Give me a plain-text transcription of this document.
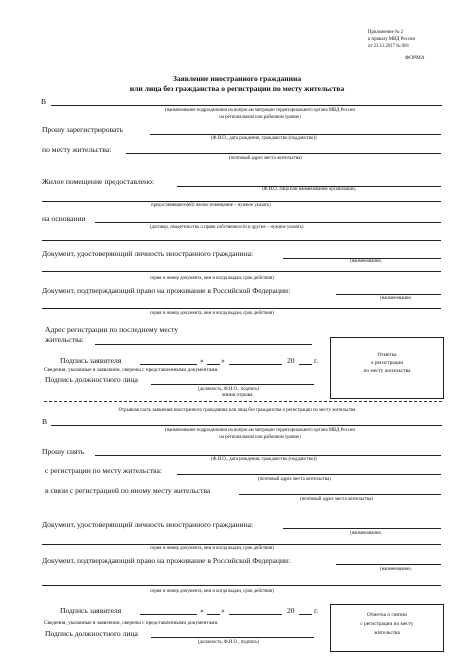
Приложение № 2
к приказу МВД России
от 23.11.2017 № 881
ФОРМА
Заявление иностранного гражданина
или лица без гражданства о регистрации по месту жительства
В
(наименование подразделения по вопросам миграции территориального органа МВД России
на региональном или районном уровне)
Прошу зарегистрировать
(Ф.И.О., дата рождения, гражданство (подданство))
по месту жительства:
(почтовый адрес места жительства)
Жилое помещение предоставлено:
(Ф.И.О. лица или наименование организации,
предоставившего(ей) жилое помещение – нужное указать)
на основании
(договор, свидетельство о праве собственности и другие – нужное указать)
Документ, удостоверяющий личность иностранного гражданина:
(наименование,
серия и номер документа, кем и когда выдан, срок действия)
Документ, подтверждающий право на проживание в Российской Федерации:
(наименование,
серия и номер документа, кем и когда выдан, срок действия)
Адрес регистрации по последнему месту
жительства:
Подпись заявителя	« »	20	г.
Сведения, указанные в заявлении, сверены с представленными документами.
Подпись должностного лица
(должность, Ф.И.О., подпись)
Отметка
о регистрации
по месту жительства
линия отрыва
Отрывная часть заявления иностранного гражданина или лица без гражданства о регистрации по месту жительства
В
(наименование подразделения по вопросам миграции территориального органа МВД России
на региональном или районном уровне)
Прошу снять
(Ф.И.О., дата рождения, гражданство (подданство))
с регистрации по месту жительства:
(почтовый адрес места жительства)
в связи с регистрацией по иному месту жительства
(почтовый адрес места жительства)
Документ, удостоверяющий личность иностранного гражданина:
(наименование,
серия и номер документа, кем и когда выдан, срок действия)
Документ, подтверждающий право на проживание в Российской Федерации:
(наименование,
серия и номер документа, кем и когда выдан, срок действия)
Подпись заявителя	« »	20	г.
Сведения, указанные в заявлении, сверены с представленными документами.
Подпись должностного лица
(должность, Ф.И.О., подпись)
Отметка о снятии
с регистрации по месту
жительства
